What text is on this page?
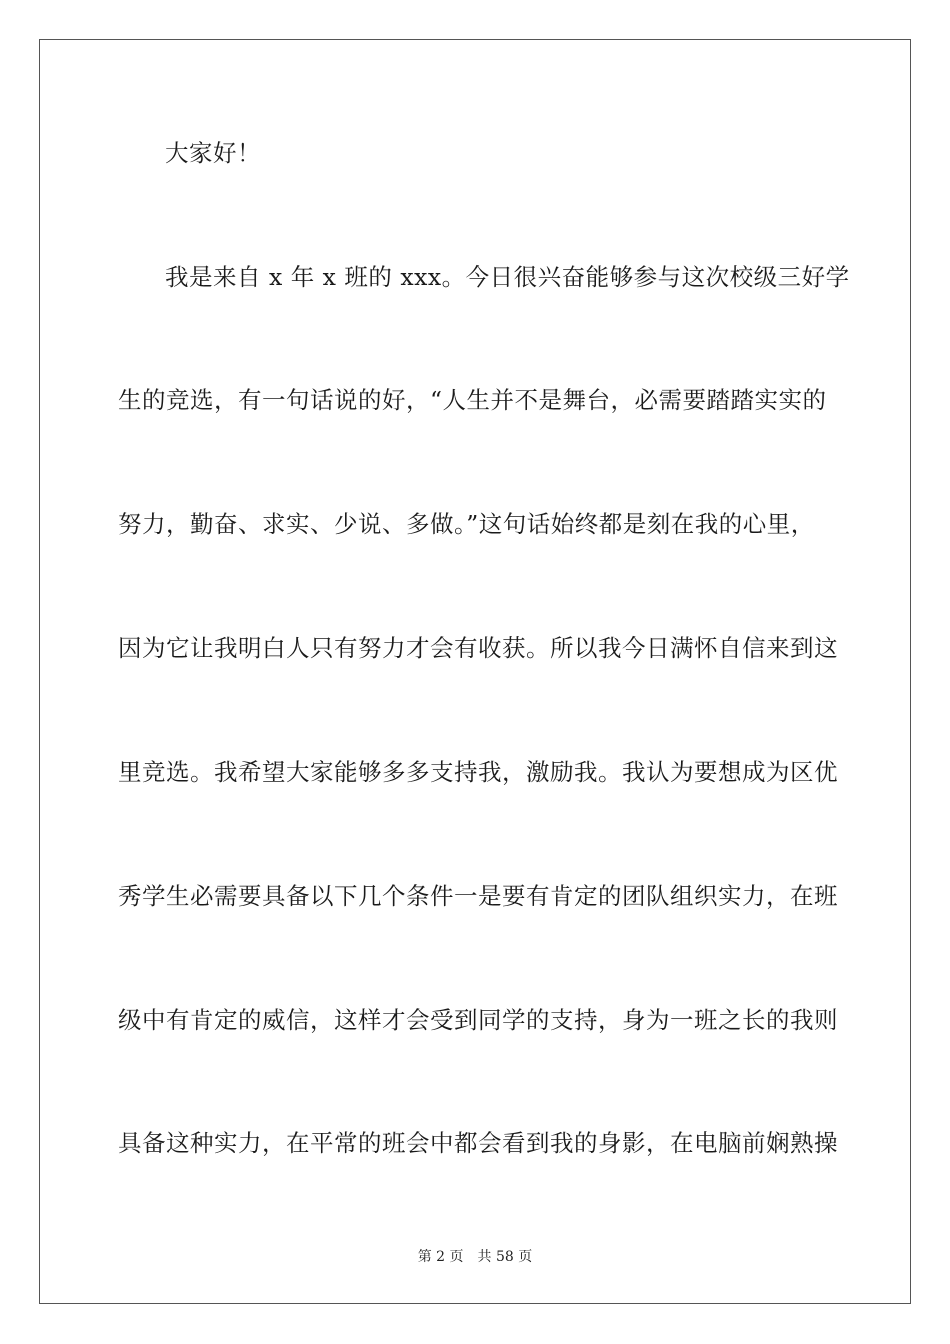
大家好！
我是来自 x 年 x 班的 xxx。今日很兴奋能够参与这次校级三好学
生的竞选，有一句话说的好，“人生并不是舞台，必需要踏踏实实的
努力，勤奋、求实、少说、多做。”这句话始终都是刻在我的心里，
因为它让我明白人只有努力才会有收获。所以我今日满怀自信来到这
里竞选。我希望大家能够多多支持我，激励我。我认为要想成为区优
秀学生必需要具备以下几个条件一是要有肯定的团队组织实力，在班
级中有肯定的威信，这样才会受到同学的支持，身为一班之长的我则
具备这种实力，在平常的班会中都会看到我的身影，在电脑前娴熟操
第 2 页 共 58 页
